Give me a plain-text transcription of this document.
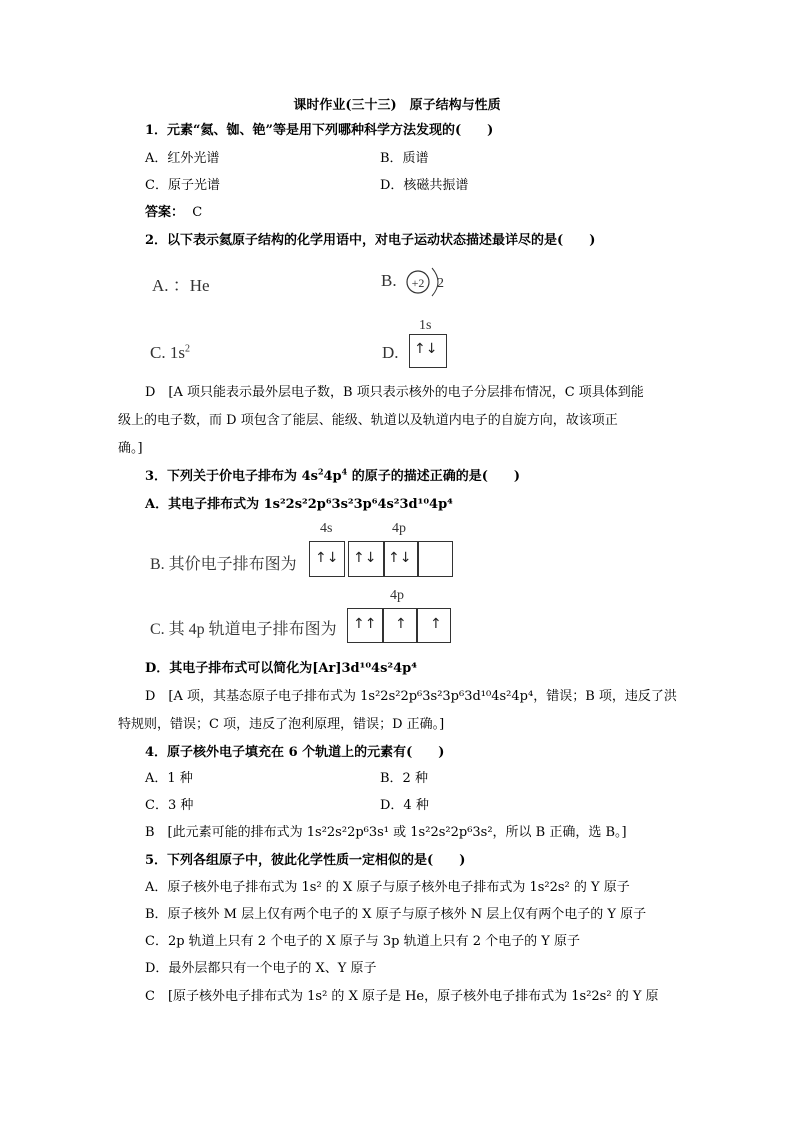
课时作业(三十三)　原子结构与性质
1．元素“氦、铷、铯”等是用下列哪种科学方法发现的(　　)
A．红外光谱	B．质谱
C．原子光谱	D．核磁共振谱
答案： C
2．以下表示氦原子结构的化学用语中，对电子运动状态描述最详尽的是(　　)
A. ：He	B. +2 2
C. $1s^2$	D.
1s
↑↓
D　[A 项只能表示最外层电子数，B 项只表示核外的电子分层排布情况，C 项具体到能
级上的电子数，而 D 项包含了能层、能级、轨道以及轨道内电子的自旋方向，故该项正
确。]
3．下列关于价电子排布为 $4s^24p^4$ 的原子的描述正确的是(　　)
A．其电子排布式为 1s²2s²2p⁶3s²3p⁶4s²3d¹⁰4p⁴
B. 其价电子排布图为
4s	4p
↑↓ ↑↓ ↑↓
C. 其 4p 轨道电子排布图为
4p
↑↑ ↑ ↑
D．其电子排布式可以简化为[Ar]3d¹⁰4s²4p⁴
D　[A 项，其基态原子电子排布式为 1s²2s²2p⁶3s²3p⁶3d¹⁰4s²4p⁴，错误；B 项，违反了洪
特规则，错误；C 项，违反了泡利原理，错误；D 正确。]
4．原子核外电子填充在 6 个轨道上的元素有(　　)
A．1 种	B．2 种
C．3 种	D．4 种
B　[此元素可能的排布式为 1s²2s²2p⁶3s¹ 或 1s²2s²2p⁶3s²，所以 B 正确，选 B。]
5．下列各组原子中，彼此化学性质一定相似的是(　　)
A．原子核外电子排布式为 1s² 的 X 原子与原子核外电子排布式为 1s²2s² 的 Y 原子
B．原子核外 M 层上仅有两个电子的 X 原子与原子核外 N 层上仅有两个电子的 Y 原子
C．2p 轨道上只有 2 个电子的 X 原子与 3p 轨道上只有 2 个电子的 Y 原子
D．最外层都只有一个电子的 X、Y 原子
C　[原子核外电子排布式为 1s² 的 X 原子是 He，原子核外电子排布式为 1s²2s² 的 Y 原
